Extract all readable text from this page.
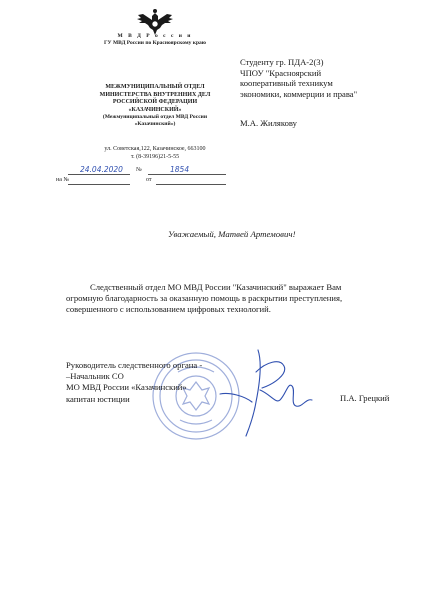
М В Д Р о с с и и
ГУ МВД России по Красноярскому краю
МЕЖМУНИЦИПАЛЬНЫЙ ОТДЕЛ
МИНИСТЕРСТВА ВНУТРЕННИХ ДЕЛ
РОССИЙСКОЙ ФЕДЕРАЦИИ
«КАЗАЧИНСКИЙ»
(Межмуниципальный отдел МВД России
«Казачинский»)
ул. Советская,122, Казачинское, 663100
т. (8-39196)21-5-55
24.04.2020 №	1854
на №	от
Студенту гр. ПДА-2(3)
ЧПОУ "Красноярский
кооперативный техникум
экономики, коммерции и права"
М.А. Жилякову
Уважаемый, Матвей Артемович!
Следственный отдел МО МВД России "Казачинский" выражает Вам
огромную благодарность за оказанную помощь в раскрытии преступления,
совершенного с использованием цифровых технологий.
Руководитель следственного органа -
–Начальник СО
МО МВД России «Казачинский»
капитан юстиции	П.А. Грецкий
